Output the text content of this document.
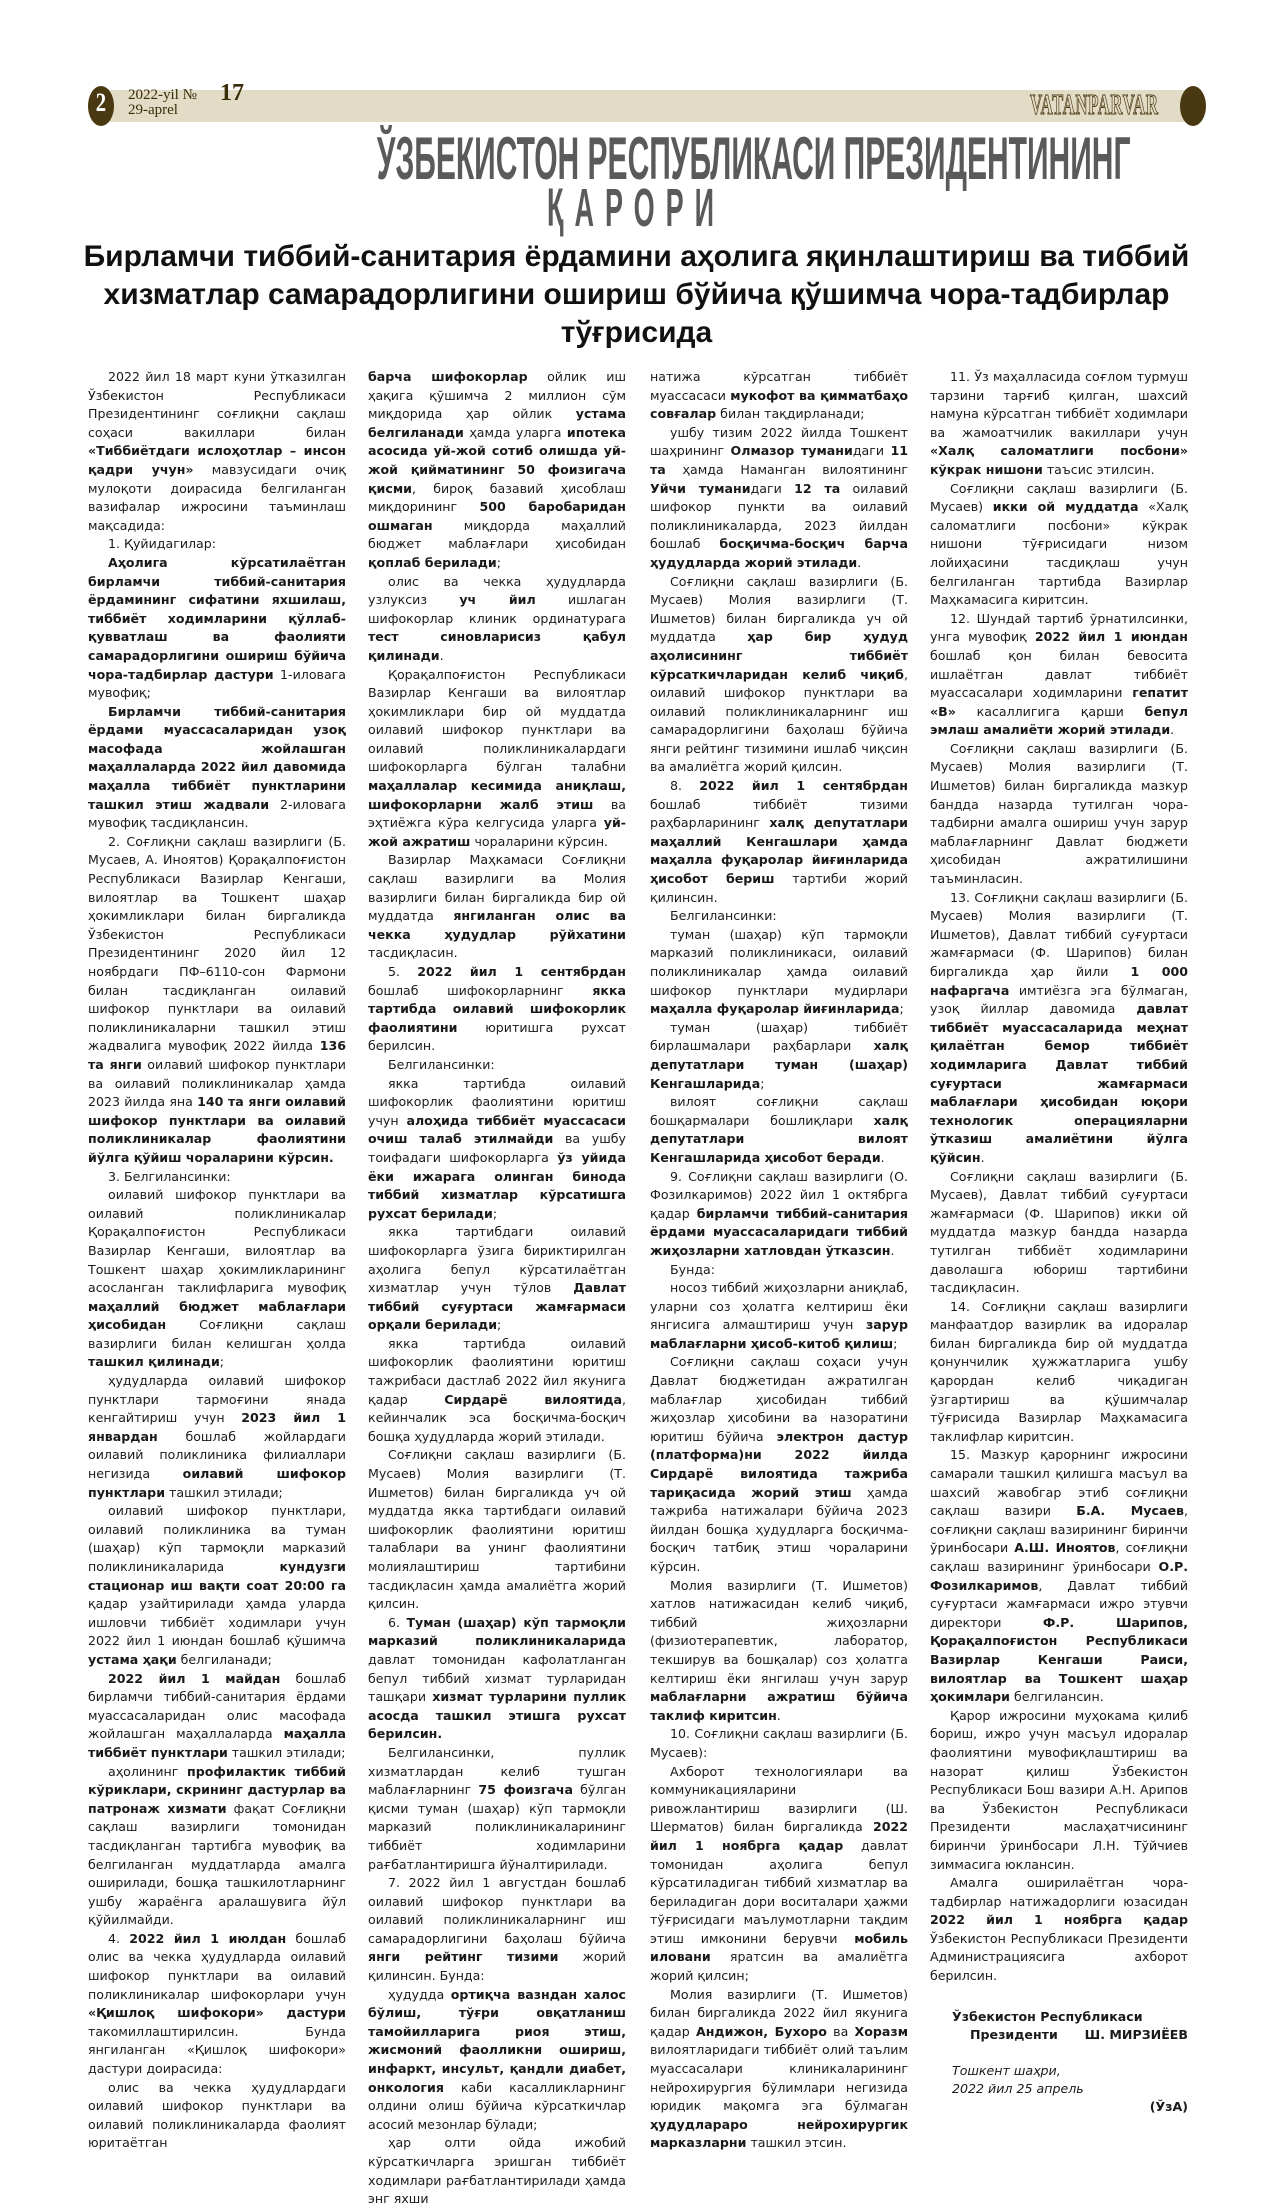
2	2022-yil №
29-aprel
17	VATANPARVAR
ЎЗБЕКИСТОН РЕСПУБЛИКАСИ ПРЕЗИДЕНТИНИНГ
ҚАРОРИ
Бирламчи тиббий-санитария ёрдамини аҳолига яқинлаштириш ва тиббий хизматлар самарадорлигини ошириш бўйича қўшимча чора-тадбирлар тўғрисида

2022 йил 18 март куни ўтказилган Ўзбекистон Республикаси Президентининг соғлиқни сақлаш соҳаси вакиллари билан «Тиббиётдаги ислоҳотлар – инсон қадри учун» мавзусидаги очиқ мулоқоти доирасида белгиланган вазифалар ижросини таъминлаш мақсадида:

1. Қуйидагилар:

Аҳолига кўрсатилаётган бирламчи тиббий-санитария ёрдамининг сифатини яхшилаш, тиббиёт ходимларини қўллаб-қувватлаш ва фаолияти самарадорлигини ошириш бўйича чора-тадбирлар дастури 1-иловага мувофиқ;

Бирламчи тиббий-санитария ёрдами муассасаларидан узоқ масофада жойлашган маҳаллаларда 2022 йил давомида маҳалла тиббиёт пунктларини ташкил этиш жадвали 2-иловага мувофиқ тасдиқлансин.

2. Соғлиқни сақлаш вазирлиги (Б. Мусаев, А. Иноятов) Қорақалпоғистон Республикаси Вазирлар Кенгаши, вилоятлар ва Тошкент шаҳар ҳокимликлари билан биргаликда Ўзбекистон Республикаси Президентининг 2020 йил 12 ноябрдаги ПФ–6110-сон Фармони билан тасдиқланган оилавий шифокор пунктлари ва оилавий поликлиникаларни ташкил этиш жадвалига мувофиқ 2022 йилда 136 та янги оилавий шифокор пунктлари ва оилавий поликлиникалар ҳамда 2023 йилда яна 140 та янги оилавий шифокор пунктлари ва оилавий поликлиникалар фаолиятини йўлга қўйиш чораларини кўрсин.

3. Белгилансинки:

оилавий шифокор пунктлари ва оилавий поликлиникалар Қорақалпоғистон Республикаси Вазирлар Кенгаши, вилоятлар ва Тошкент шаҳар ҳокимликларининг асосланган таклифларига мувофиқ маҳаллий бюджет маблағлари ҳисобидан Соғлиқни сақлаш вазирлиги билан келишган ҳолда ташкил қилинади;

ҳудудларда оилавий шифокор пунктлари тармоғини янада кенгайтириш учун 2023 йил 1 январдан бошлаб жойлардаги оилавий поликлиника филиаллари негизида оилавий шифокор пунктлари ташкил этилади;

оилавий шифокор пунктлари, оилавий поликлиника ва туман (шаҳар) кўп тармоқли марказий поликлиникаларида кундузги стационар иш вақти соат 20:00 га қадар узайтирилади ҳамда уларда ишловчи тиббиёт ходимлари учун 2022 йил 1 июндан бошлаб қўшимча устама ҳақи белгиланади;

2022 йил 1 майдан бошлаб бирламчи тиббий-санитария ёрдами муассасаларидан олис масофада жойлашган маҳаллаларда маҳалла тиббиёт пунктлари ташкил этилади;

аҳолининг профилактик тиббий кўриклари, скрининг дастурлар ва патронаж хизмати фақат Соғлиқни сақлаш вазирлиги томонидан тасдиқланган тартибга мувофиқ ва белгиланган муддатларда амалга оширилади, бошқа ташкилотларнинг ушбу жараёнга аралашувига йўл қўйилмайди.

4. 2022 йил 1 июлдан бошлаб олис ва чекка ҳудудларда оилавий шифокор пунктлари ва оилавий поликлиникалар шифокорлари учун «Қишлоқ шифокори» дастури такомиллаштирилсин. Бунда янгиланган «Қишлоқ шифокори» дастури доирасида:

олис ва чекка ҳудудлардаги оилавий шифокор пунктлари ва оилавий поликлиникаларда фаолият юритаётган

барча шифокорлар ойлик иш ҳақига қўшимча 2 миллион сўм миқдорида ҳар ойлик устама белгиланади ҳамда уларга ипотека асосида уй-жой сотиб олишда уй-жой қийматининг 50 фоизигача қисми, бироқ базавий ҳисоблаш миқдорининг 500 баробаридан ошмаган миқдорда маҳаллий бюджет маблағлари ҳисобидан қоплаб берилади;

олис ва чекка ҳудудларда узлуксиз уч йил ишлаган шифокорлар клиник ординатурага тест синовларисиз қабул қилинади.

Қорақалпоғистон Республикаси Вазирлар Кенгаши ва вилоятлар ҳокимликлари бир ой муддатда оилавий шифокор пунктлари ва оилавий поликлиникалардаги шифокорларга бўлган талабни маҳаллалар кесимида аниқлаш, шифокорларни жалб этиш ва эҳтиёжга кўра келгусида уларга уй-жой ажратиш чораларини кўрсин.

Вазирлар Маҳкамаси Соғлиқни сақлаш вазирлиги ва Молия вазирлиги билан биргаликда бир ой муддатда янгиланган олис ва чекка ҳудудлар рўйхатини тасдиқласин.

5. 2022 йил 1 сентябрдан бошлаб шифокорларнинг якка тартибда оилавий шифокорлик фаолиятини юритишга рухсат берилсин.

Белгилансинки:

якка тартибда оилавий шифокорлик фаолиятини юритиш учун алоҳида тиббиёт муассасаси очиш талаб этилмайди ва ушбу тоифадаги шифокорларга ўз уйида ёки ижарага олинган бинода тиббий хизматлар кўрсатишга рухсат берилади;

якка тартибдаги оилавий шифокорларга ўзига бириктирилган аҳолига бепул кўрсатилаётган хизматлар учун тўлов Давлат тиббий суғуртаси жамғармаси орқали берилади;

якка тартибда оилавий шифокорлик фаолиятини юритиш тажрибаси дастлаб 2022 йил якунига қадар Сирдарё вилоятида, кейинчалик эса босқичма-босқич бошқа ҳудудларда жорий этилади.

Соғлиқни сақлаш вазирлиги (Б. Мусаев) Молия вазирлиги (Т. Ишметов) билан биргаликда уч ой муддатда якка тартибдаги оилавий шифокорлик фаолиятини юритиш талаблари ва унинг фаолиятини молиялаштириш тартибини тасдиқласин ҳамда амалиётга жорий қилсин.

6. Туман (шаҳар) кўп тармоқли марказий поликлиникаларида давлат томонидан кафолатланган бепул тиббий хизмат турларидан ташқари хизмат турларини пуллик асосда ташкил этишга рухсат берилсин.

Белгилансинки, пуллик хизматлардан келиб тушган маблағларнинг 75 фоизгача бўлган қисми туман (шаҳар) кўп тармоқли марказий поликлиникаларининг тиббиёт ходимларини рағбатлантиришга йўналтирилади.

7. 2022 йил 1 августдан бошлаб оилавий шифокор пунктлари ва оилавий поликлиникаларнинг иш самарадорлигини баҳолаш бўйича янги рейтинг тизими жорий қилинсин. Бунда:

ҳудудда ортиқча вазндан халос бўлиш, тўғри овқатланиш тамойилларига риоя этиш, жисмоний фаолликни ошириш, инфаркт, инсульт, қандли диабет, онкология каби касалликларнинг олдини олиш бўйича кўрсаткичлар асосий мезонлар бўлади;

ҳар олти ойда ижобий кўрсаткичларга эришган тиббиёт ходимлари рағбатлантирилади ҳамда энг яхши

натижа кўрсатган тиббиёт муассасаси мукофот ва қимматбаҳо совғалар билан тақдирланади;

ушбу тизим 2022 йилда Тошкент шаҳрининг Олмазор туманидаги 11 та ҳамда Наманган вилоятининг Уйчи туманидаги 12 та оилавий шифокор пункти ва оилавий поликлиникаларда, 2023 йилдан бошлаб босқичма-босқич барча ҳудудларда жорий этилади.

Соғлиқни сақлаш вазирлиги (Б. Мусаев) Молия вазирлиги (Т. Ишметов) билан биргаликда уч ой муддатда ҳар бир ҳудуд аҳолисининг тиббиёт кўрсаткичларидан келиб чиқиб, оилавий шифокор пунктлари ва оилавий поликлиникаларнинг иш самарадорлигини баҳолаш бўйича янги рейтинг тизимини ишлаб чиқсин ва амалиётга жорий қилсин.

8. 2022 йил 1 сентябрдан бошлаб тиббиёт тизими раҳбарларининг халқ депутатлари маҳаллий Кенгашлари ҳамда маҳалла фуқаролар йиғинларида ҳисобот бериш тартиби жорий қилинсин.

Белгилансинки:

туман (шаҳар) кўп тармоқли марказий поликлиникаси, оилавий поликлиникалар ҳамда оилавий шифокор пунктлари мудирлари маҳалла фуқаролар йиғинларида;

туман (шаҳар) тиббиёт бирлашмалари раҳбарлари халқ депутатлари туман (шаҳар) Кенгашларида;

вилоят соғлиқни сақлаш бошқармалари бошлиқлари халқ депутатлари вилоят Кенгашларида ҳисобот беради.

9. Соғлиқни сақлаш вазирлиги (О. Фозилкаримов) 2022 йил 1 октябрга қадар бирламчи тиббий-санитария ёрдами муассасаларидаги тиббий жиҳозларни хатловдан ўтказсин.

Бунда:

носоз тиббий жиҳозларни аниқлаб, уларни соз ҳолатга келтириш ёки янгисига алмаштириш учун зарур маблағларни ҳисоб-китоб қилиш;

Соғлиқни сақлаш соҳаси учун Давлат бюджетидан ажратилган маблағлар ҳисобидан тиббий жиҳозлар ҳисобини ва назоратини юритиш бўйича электрон дастур (платформа)ни 2022 йилда Сирдарё вилоятида тажриба тариқасида жорий этиш ҳамда тажриба натижалари бўйича 2023 йилдан бошқа ҳудудларга босқичма-босқич татбиқ этиш чораларини кўрсин.

Молия вазирлиги (Т. Ишметов) хатлов натижасидан келиб чиқиб, тиббий жиҳозларни (физиотерапевтик, лаборатор, текширув ва бошқалар) соз ҳолатга келтириш ёки янгилаш учун зарур маблағларни ажратиш бўйича таклиф киритсин.

10. Соғлиқни сақлаш вазирлиги (Б. Мусаев):

Ахборот технологиялари ва коммуникацияларини ривожлантириш вазирлиги (Ш. Шерматов) билан биргаликда 2022 йил 1 ноябрга қадар давлат томонидан аҳолига бепул кўрсатиладиган тиббий хизматлар ва бериладиган дори воситалари ҳажми тўғрисидаги маълумотларни тақдим этиш имконини берувчи мобиль иловани яратсин ва амалиётга жорий қилсин;

Молия вазирлиги (Т. Ишметов) билан биргаликда 2022 йил якунига қадар Андижон, Бухоро ва Хоразм вилоятларидаги тиббиёт олий таълим муассасалари клиникаларининг нейрохирургия бўлимлари негизида юридик мақомга эга бўлмаган ҳудудлараро нейрохирургик марказларни ташкил этсин.

11. Ўз маҳалласида соғлом турмуш тарзини тарғиб қилган, шахсий намуна кўрсатган тиббиёт ходимлари ва жамоатчилик вакиллари учун «Халқ саломатлиги посбони» кўкрак нишони таъсис этилсин.

Соғлиқни сақлаш вазирлиги (Б. Мусаев) икки ой муддатда «Халқ саломатлиги посбони» кўкрак нишони тўғрисидаги низом лойиҳасини тасдиқлаш учун белгиланган тартибда Вазирлар Маҳкамасига киритсин.

12. Шундай тартиб ўрнатилсинки, унга мувофиқ 2022 йил 1 июндан бошлаб қон билан бевосита ишлаётган давлат тиббиёт муассасалари ходимларини гепатит «В» касаллигига қарши бепул эмлаш амалиёти жорий этилади.

Соғлиқни сақлаш вазирлиги (Б. Мусаев) Молия вазирлиги (Т. Ишметов) билан биргаликда мазкур бандда назарда тутилган чора-тадбирни амалга ошириш учун зарур маблағларнинг Давлат бюджети ҳисобидан ажратилишини таъминласин.

13. Соғлиқни сақлаш вазирлиги (Б. Мусаев) Молия вазирлиги (Т. Ишметов), Давлат тиббий суғуртаси жамғармаси (Ф. Шарипов) билан биргаликда ҳар йили 1 000 нафаргача имтиёзга эга бўлмаган, узоқ йиллар давомида давлат тиббиёт муассасаларида меҳнат қилаётган бемор тиббиёт ходимларига Давлат тиббий суғуртаси жамғармаси маблағлари ҳисобидан юқори технологик операцияларни ўтказиш амалиётини йўлга қўйсин.

Соғлиқни сақлаш вазирлиги (Б. Мусаев), Давлат тиббий суғуртаси жамғармаси (Ф. Шарипов) икки ой муддатда мазкур бандда назарда тутилган тиббиёт ходимларини даволашга юбориш тартибини тасдиқласин.

14. Соғлиқни сақлаш вазирлиги манфаатдор вазирлик ва идоралар билан биргаликда бир ой муддатда қонунчилик ҳужжатларига ушбу қарордан келиб чиқадиган ўзгартириш ва қўшимчалар тўғрисида Вазирлар Маҳкамасига таклифлар киритсин.

15. Мазкур қарорнинг ижросини самарали ташкил қилишга масъул ва шахсий жавобгар этиб соғлиқни сақлаш вазири Б.А. Мусаев, соғлиқни сақлаш вазирининг биринчи ўринбосари А.Ш. Иноятов, соғлиқни сақлаш вазирининг ўринбосари О.Р. Фозилкаримов, Давлат тиббий суғуртаси жамғармаси ижро этувчи директори Ф.Р. Шарипов, Қорақалпоғистон Республикаси Вазирлар Кенгаши Раиси, вилоятлар ва Тошкент шаҳар ҳокимлари белгилансин.

Қарор ижросини муҳокама қилиб бориш, ижро учун масъул идоралар фаолиятини мувофиқлаштириш ва назорат қилиш Ўзбекистон Республикаси Бош вазири А.Н. Арипов ва Ўзбекистон Республикаси Президенти маслаҳатчисининг биринчи ўринбосари Л.Н. Тўйчиев зиммасига юклансин.

Амалга оширилаётган чора-тадбирлар натижадорлиги юзасидан 2022 йил 1 ноябрга қадар Ўзбекистон Республикаси Президенти Администрациясига ахборот берилсин.

Ўзбекистон Республикаси
Президенти Ш. МИРЗИЁЕВ
Тошкент шаҳри,
2022 йил 25 апрель
(ЎзА)
